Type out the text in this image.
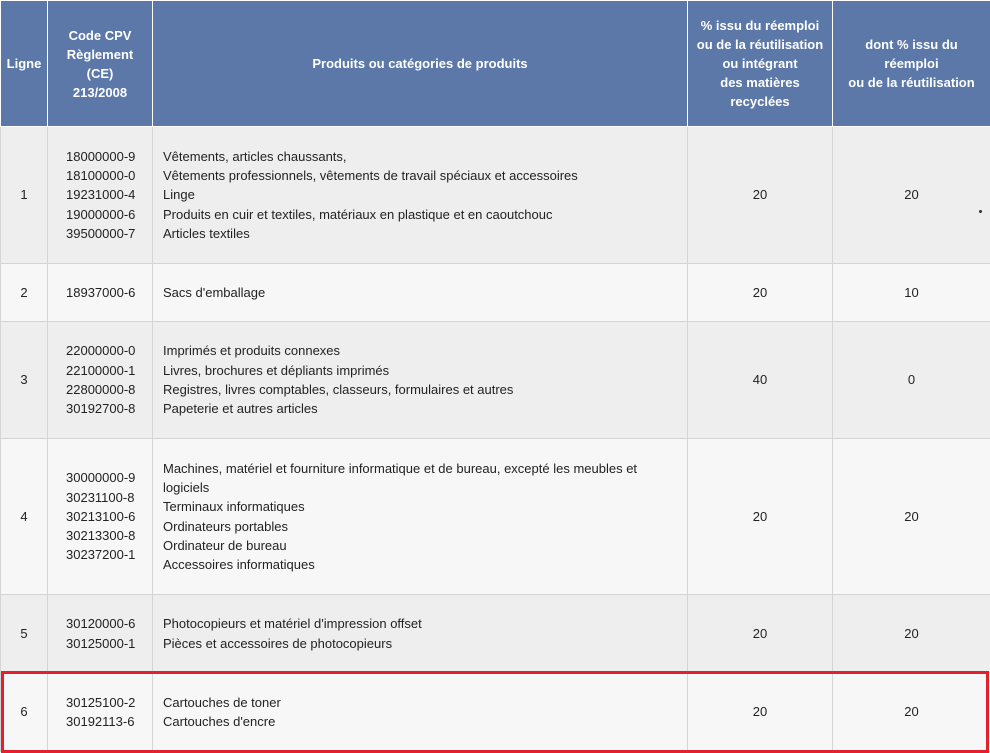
Ligne	Code CPV
Règlement
(CE)
213/2008	Produits ou catégories de produits	% issu du réemploi
ou de la réutilisation
ou intégrant
des matières
recyclées	dont % issu du
réemploi
ou de la réutilisation

1	18000000-9
18100000-0
19231000-4
19000000-6
39500000-7	Vêtements, articles chaussants,
Vêtements professionnels, vêtements de travail spéciaux et accessoires
Linge
Produits en cuir et textiles, matériaux en plastique et en caoutchouc
Articles textiles	20	20
2	18937000-6	Sacs d'emballage	20	10
3	22000000-0
22100000-1
22800000-8
30192700-8	Imprimés et produits connexes
Livres, brochures et dépliants imprimés
Registres, livres comptables, classeurs, formulaires et autres
Papeterie et autres articles	40	0
4	30000000-9
30231100-8
30213100-6
30213300-8
30237200-1	Machines, matériel et fourniture informatique et de bureau, excepté les meubles et logiciels
Terminaux informatiques
Ordinateurs portables
Ordinateur de bureau
Accessoires informatiques	20	20
5	30120000-6
30125000-1	Photocopieurs et matériel d'impression offset
Pièces et accessoires de photocopieurs	20	20
6	30125100-2
30192113-6	Cartouches de toner
Cartouches d'encre	20	20
